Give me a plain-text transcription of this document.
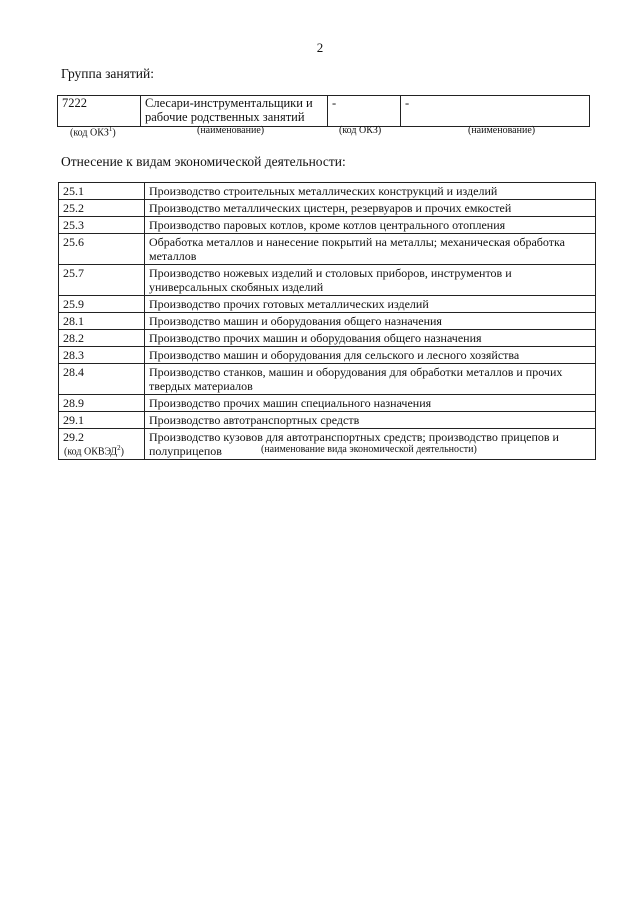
2
Группа занятий:
7222	Слесари-инструментальщики и рабочие родственных занятий	-	-
(код ОКЗ$^1$)	(наименование)	(код ОКЗ)	(наименование)
Отнесение к видам экономической деятельности:
25.1	Производство строительных металлических конструкций и изделий
25.2	Производство металлических цистерн, резервуаров и прочих емкостей
25.3	Производство паровых котлов, кроме котлов центрального отопления
25.6	Обработка металлов и нанесение покрытий на металлы; механическая обработка металлов
25.7	Производство ножевых изделий и столовых приборов, инструментов и универсальных скобяных изделий
25.9	Производство прочих готовых металлических изделий
28.1	Производство машин и оборудования общего назначения
28.2	Производство прочих машин и оборудования общего назначения
28.3	Производство машин и оборудования для сельского и лесного хозяйства
28.4	Производство станков, машин и оборудования для обработки металлов и прочих твердых материалов
28.9	Производство прочих машин специального назначения
29.1	Производство автотранспортных средств
29.2	Производство кузовов для автотранспортных средств; производство прицепов и полуприцепов
(код ОКВЭД$^2$)	(наименование вида экономической деятельности)
